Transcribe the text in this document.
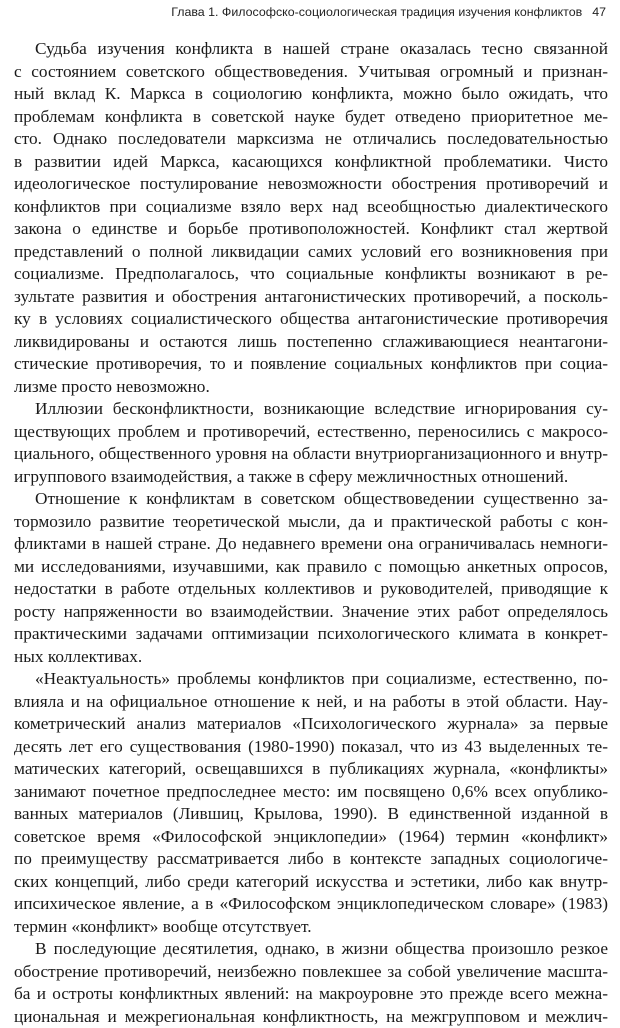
Глава 1. Философско-социологическая традиция изучения конфликтов 47

Судьба изучения конфликта в нашей стране оказалась тесно связанной
с состоянием советского обществоведения. Учитывая огромный и признан-
ный вклад К. Маркса в социологию конфликта, можно было ожидать, что
проблемам конфликта в советской науке будет отведено приоритетное ме-
сто. Однако последователи марксизма не отличались последовательностью
в развитии идей Маркса, касающихся конфликтной проблематики. Чисто
идеологическое постулирование невозможности обострения противоречий и
конфликтов при социализме взяло верх над всеобщностью диалектического
закона о единстве и борьбе противоположностей. Конфликт стал жертвой
представлений о полной ликвидации самих условий его возникновения при
социализме. Предполагалось, что социальные конфликты возникают в ре-
зультате развития и обострения антагонистических противоречий, а посколь-
ку в условиях социалистического общества антагонистические противоречия
ликвидированы и остаются лишь постепенно сглаживающиеся неантагони-
стические противоречия, то и появление социальных конфликтов при социа-
лизме просто невозможно.

Иллюзии бесконфликтности, возникающие вследствие игнорирования су-
ществующих проблем и противоречий, естественно, переносились с макросо-
циального, общественного уровня на области внутриорганизационного и внутр-
игруппового взаимодействия, а также в сферу межличностных отношений.

Отношение к конфликтам в советском обществоведении существенно за-
тормозило развитие теоретической мысли, да и практической работы с кон-
фликтами в нашей стране. До недавнего времени она ограничивалась немноги-
ми исследованиями, изучавшими, как правило с помощью анкетных опросов,
недостатки в работе отдельных коллективов и руководителей, приводящие к
росту напряженности во взаимодействии. Значение этих работ определялось
практическими задачами оптимизации психологического климата в конкрет-
ных коллективах.

«Неактуальность» проблемы конфликтов при социализме, естественно, по-
влияла и на официальное отношение к ней, и на работы в этой области. Нау-
кометрический анализ материалов «Психологического журнала» за первые
десять лет его существования (1980-1990) показал, что из 43 выделенных те-
матических категорий, освещавшихся в публикациях журнала, «конфликты»
занимают почетное предпоследнее место: им посвящено 0,6% всех опублико-
ванных материалов (Лившиц, Крылова, 1990). В единственной изданной в
советское время «Философской энциклопедии» (1964) термин «конфликт»
по преимуществу рассматривается либо в контексте западных социологиче-
ских концепций, либо среди категорий искусства и эстетики, либо как внутр-
ипсихическое явление, а в «Философском энциклопедическом словаре» (1983)
термин «конфликт» вообще отсутствует.

В последующие десятилетия, однако, в жизни общества произошло резкое
обострение противоречий, неизбежно повлекшее за собой увеличение масшта-
ба и остроты конфликтных явлений: на макроуровне это прежде всего межна-
циональная и межрегиональная конфликтность, на межгрупповом и межлич-
